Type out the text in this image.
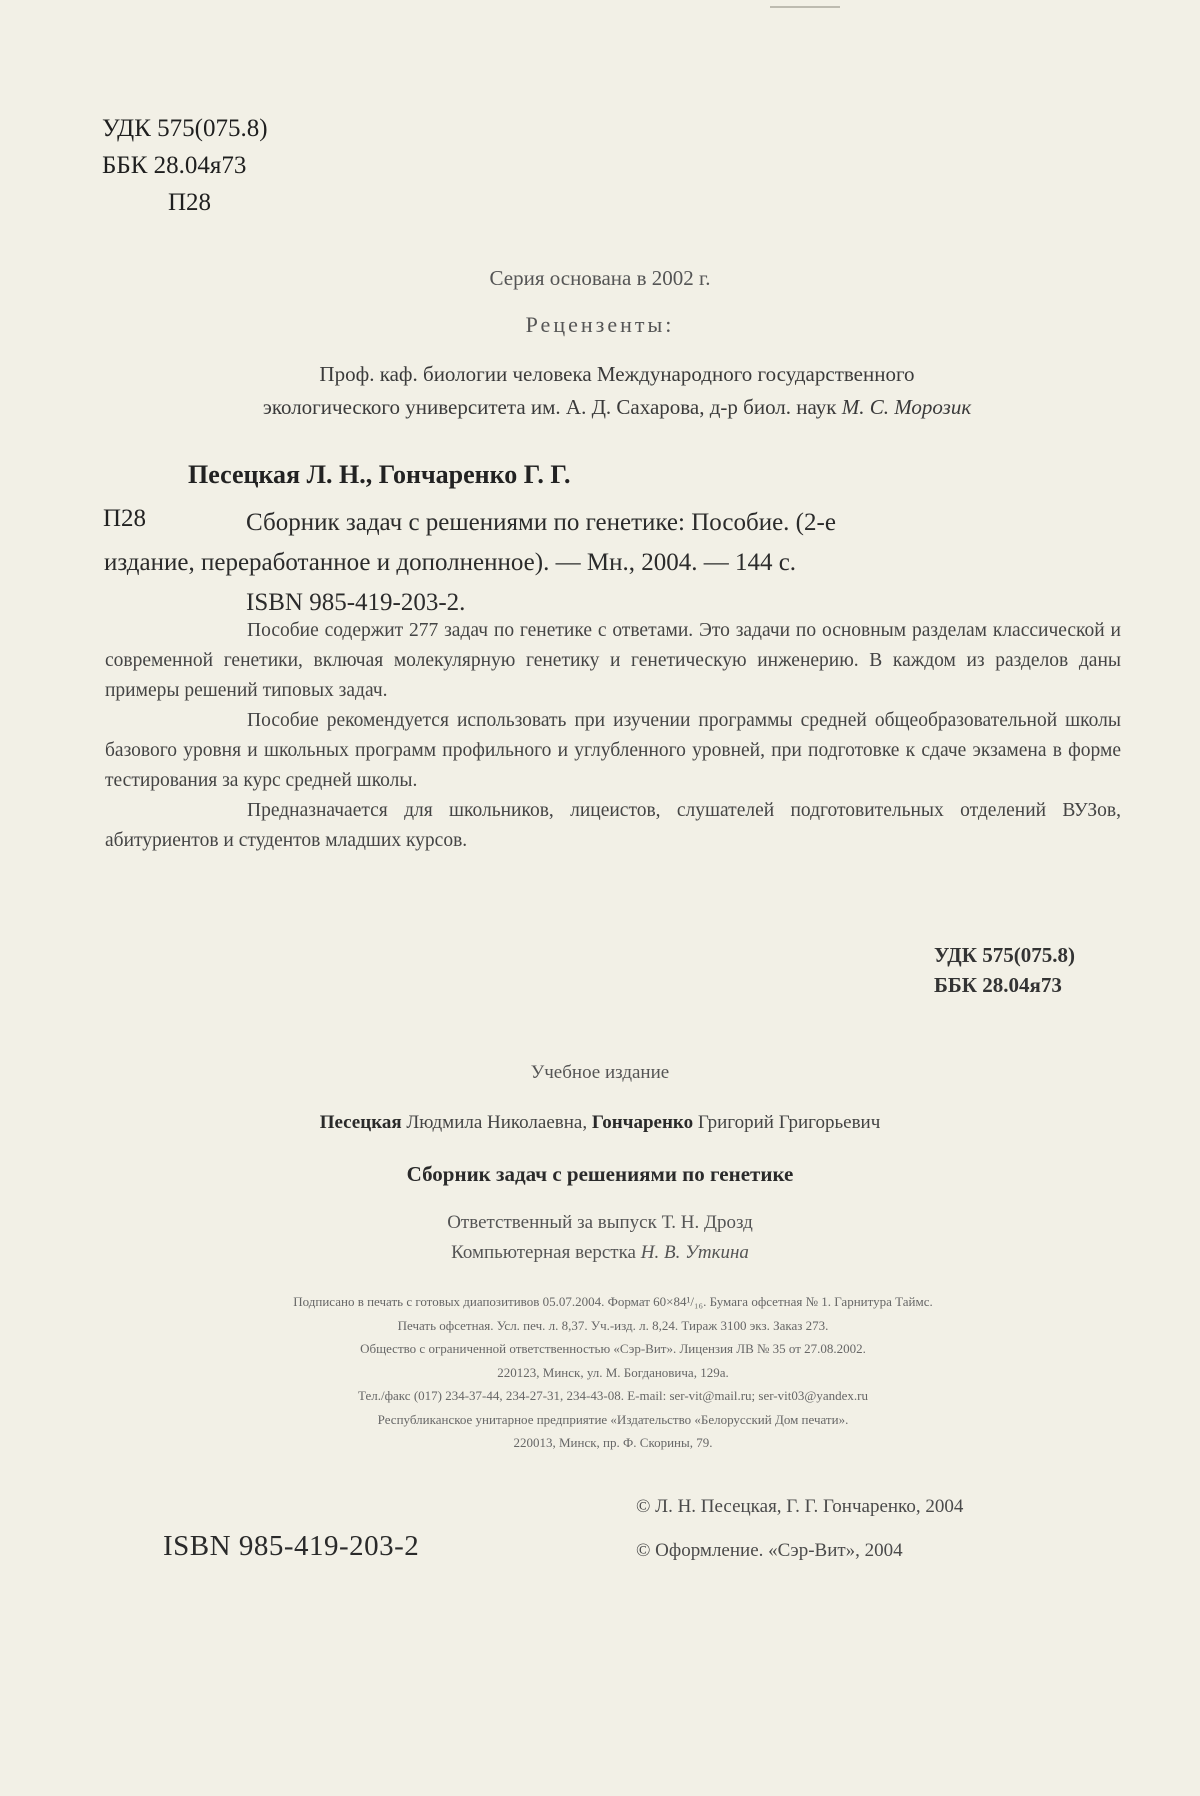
УДК 575(075.8)
ББК 28.04я73
П28
Серия основана в 2002 г.
Рецензенты:
Проф. каф. биологии человека Международного государственного
экологического университета им. А. Д. Сахарова, д-р биол. наук М. С. Морозик
Песецкая Л. Н., Гончаренко Г. Г.
П28	Сборник задач с решениями по генетике: Пособие. (2-е
издание, переработанное и дополненное). — Мн., 2004. — 144 с.
ISBN 985-419-203-2.

Пособие содержит 277 задач по генетике с ответами. Это задачи по основным разделам классической и современной генетики, включая молекулярную генетику и генетическую инженерию. В каждом из разделов даны примеры решений типовых задач.

Пособие рекомендуется использовать при изучении программы средней общеобразовательной школы базового уровня и школьных программ профильного и углубленного уровней, при подготовке к сдаче экзамена в форме тестирования за курс средней школы.

Предназначается для школьников, лицеистов, слушателей подготовительных отделений ВУЗов, абитуриентов и студентов младших курсов.

УДК 575(075.8)
ББК 28.04я73
Учебное издание
Песецкая Людмила Николаевна, Гончаренко Григорий Григорьевич
Сборник задач с решениями по генетике
Ответственный за выпуск Т. Н. Дрозд
Компьютерная верстка Н. В. Уткина
Подписано в печать с готовых диапозитивов 05.07.2004. Формат 60×84¹/₁₆. Бумага офсетная № 1. Гарнитура Таймс.
Печать офсетная. Усл. печ. л. 8,37. Уч.-изд. л. 8,24. Тираж 3100 экз. Заказ 273.
Общество с ограниченной ответственностью «Сэр-Вит». Лицензия ЛВ № 35 от 27.08.2002.
220123, Минск, ул. М. Богдановича, 129а.
Тел./факс (017) 234-37-44, 234-27-31, 234-43-08. E-mail: ser-vit@mail.ru; ser-vit03@yandex.ru
Республиканское унитарное предприятие «Издательство «Белорусский Дом печати».
220013, Минск, пр. Ф. Скорины, 79.
ISBN 985-419-203-2
© Л. Н. Песецкая, Г. Г. Гончаренко, 2004
© Оформление. «Сэр-Вит», 2004
